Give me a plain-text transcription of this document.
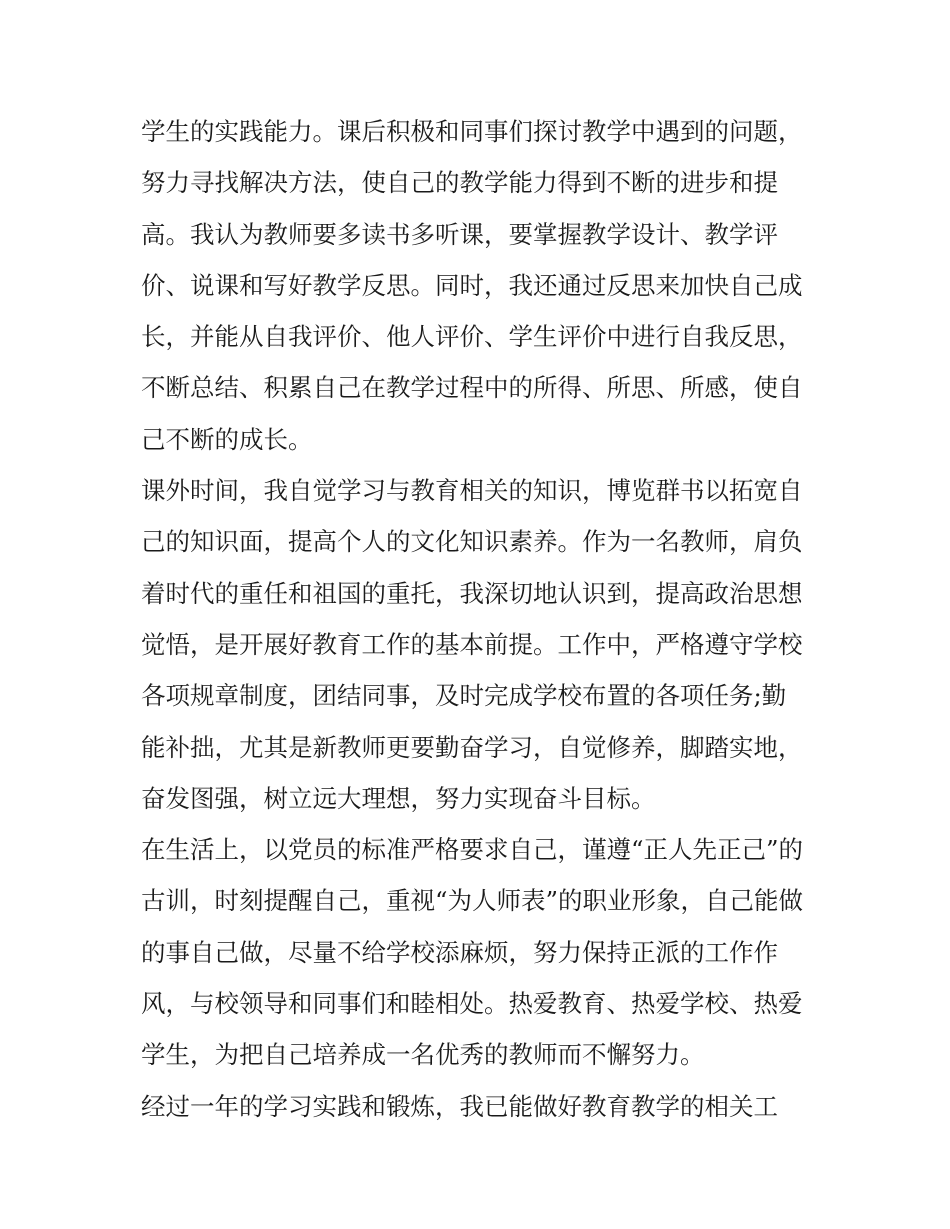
学生的实践能力。课后积极和同事们探讨教学中遇到的问题，
努力寻找解决方法，使自己的教学能力得到不断的进步和提
高。我认为教师要多读书多听课，要掌握教学设计、教学评
价、说课和写好教学反思。同时，我还通过反思来加快自己成
长，并能从自我评价、他人评价、学生评价中进行自我反思，
不断总结、积累自己在教学过程中的所得、所思、所感，使自
己不断的成长。
课外时间，我自觉学习与教育相关的知识，博览群书以拓宽自
己的知识面，提高个人的文化知识素养。作为一名教师，肩负
着时代的重任和祖国的重托，我深切地认识到，提高政治思想
觉悟，是开展好教育工作的基本前提。工作中，严格遵守学校
各项规章制度，团结同事，及时完成学校布置的各项任务;勤
能补拙，尤其是新教师更要勤奋学习，自觉修养，脚踏实地，
奋发图强，树立远大理想，努力实现奋斗目标。
在生活上，以党员的标准严格要求自己，谨遵“正人先正己”的
古训，时刻提醒自己，重视“为人师表”的职业形象，自己能做
的事自己做，尽量不给学校添麻烦，努力保持正派的工作作
风，与校领导和同事们和睦相处。热爱教育、热爱学校、热爱
学生，为把自己培养成一名优秀的教师而不懈努力。
经过一年的学习实践和锻炼，我已能做好教育教学的相关工
